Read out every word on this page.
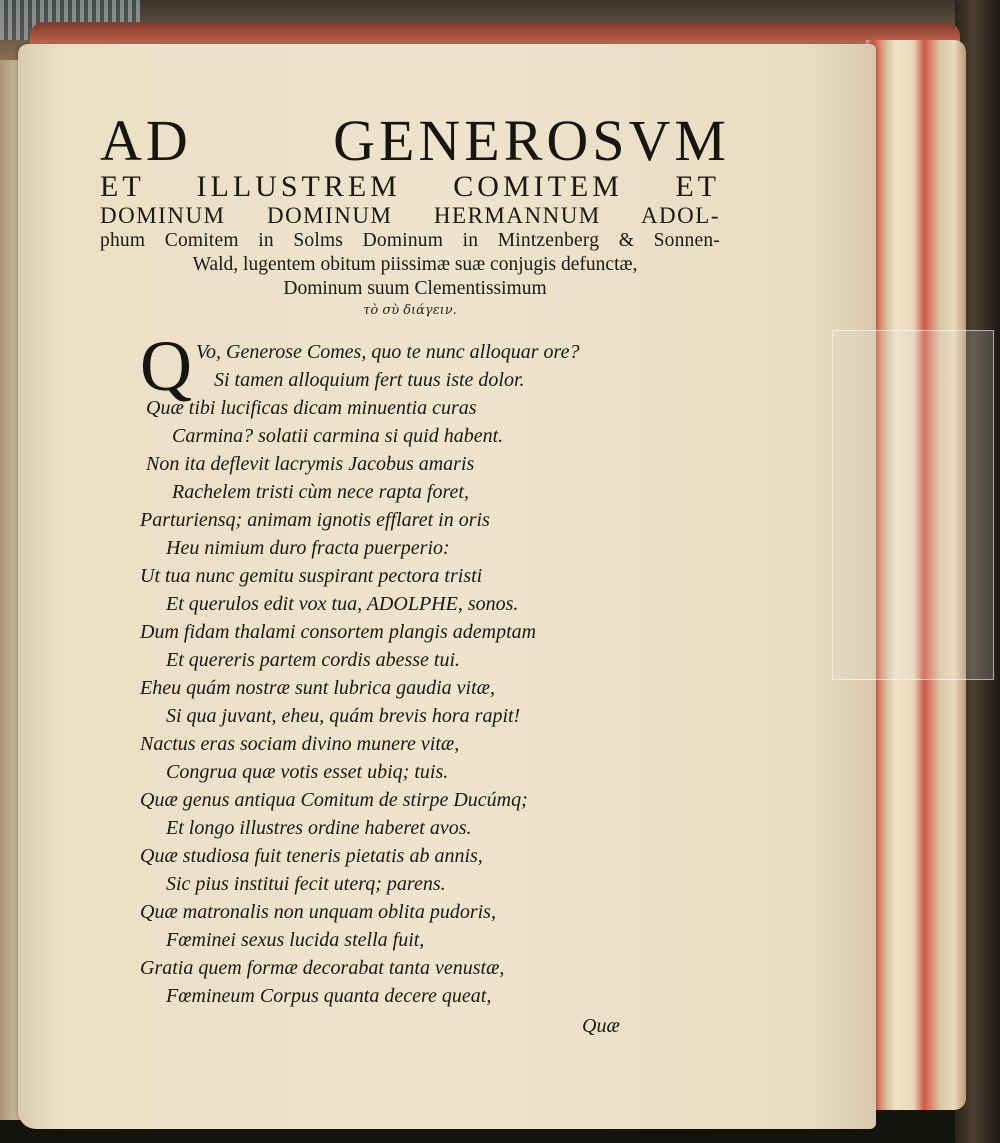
AD GENEROSVM

ET ILLUSTREM COMITEM ET

DOMINUM DOMINUM HERMANNUM ADOL-

phum Comitem in Solms Dominum in Mintzenberg & Sonnen-

Wald, lugentem obitum piissimæ suæ conjugis defunctæ,

Dominum suum Clementissimum

τὸ σὺ διάγειν.

Q Vo, Generose Comes, quo te nunc alloquar ore?

Si tamen alloquium fert tuus iste dolor.

Quæ tibi lucificas dicam minuentia curas

Carmina? solatii carmina si quid habent.

Non ita deflevit lacrymis Jacobus amaris

Rachelem tristi cùm nece rapta foret,

Parturiensq; animam ignotis efflaret in oris

Heu nimium duro fracta puerperio:

Ut tua nunc gemitu suspirant pectora tristi

Et querulos edit vox tua, ADOLPHE, sonos.

Dum fidam thalami consortem plangis ademptam

Et quereris partem cordis abesse tui.

Eheu quám nostræ sunt lubrica gaudia vitæ,

Si qua juvant, eheu, quám brevis hora rapit!

Nactus eras sociam divino munere vitæ,

Congrua quæ votis esset ubiq; tuis.

Quæ genus antiqua Comitum de stirpe Ducúmq;

Et longo illustres ordine haberet avos.

Quæ studiosa fuit teneris pietatis ab annis,

Sic pius institui fecit uterq; parens.

Quæ matronalis non unquam oblita pudoris,

Fœminei sexus lucida stella fuit,

Gratia quem formæ decorabat tanta venustæ,

Fœmineum Corpus quanta decere queat,

Quæ
